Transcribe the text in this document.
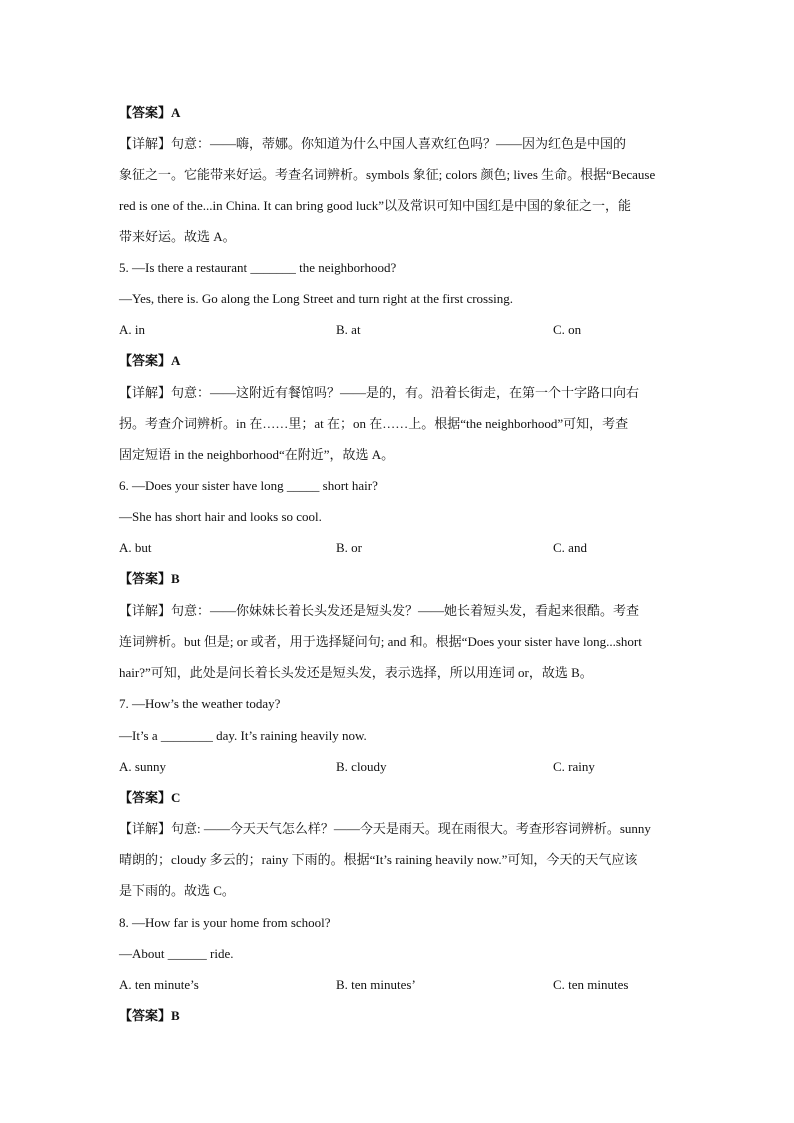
【答案】A
【详解】句意：——嗨，蒂娜。你知道为什么中国人喜欢红色吗？——因为红色是中国的
象征之一。它能带来好运。考查名词辨析。symbols 象征; colors 颜色; lives 生命。根据“Because
red is one of the...in China. It can bring good luck”以及常识可知中国红是中国的象征之一，能
带来好运。故选 A。
5. —Is there a restaurant _______ the neighborhood?
—Yes, there is. Go along the Long Street and turn right at the first crossing.
A. in	B. at	C. on
【答案】A
【详解】句意：——这附近有餐馆吗？——是的，有。沿着长街走，在第一个十字路口向右
拐。考查介词辨析。in 在……里；at 在；on 在……上。根据“the neighborhood”可知，考查
固定短语 in the neighborhood“在附近”，故选 A。
6. —Does your sister have long _____ short hair?
—She has short hair and looks so cool.
A. but	B. or	C. and
【答案】B
【详解】句意：——你妹妹长着长头发还是短头发？——她长着短头发，看起来很酷。考查
连词辨析。but 但是; or 或者，用于选择疑问句; and 和。根据“Does your sister have long...short
hair?”可知，此处是问长着长头发还是短头发，表示选择，所以用连词 or，故选 B。
7. —How’s the weather today?
—It’s a ________ day. It’s raining heavily now.
A. sunny	B. cloudy	C. rainy
【答案】C
【详解】句意: ——今天天气怎么样？——今天是雨天。现在雨很大。考查形容词辨析。sunny
晴朗的；cloudy 多云的；rainy 下雨的。根据“It’s raining heavily now.”可知，今天的天气应该
是下雨的。故选 C。
8. —How far is your home from school?
—About ______ ride.
A. ten minute’s	B. ten minutes’	C. ten minutes
【答案】B
